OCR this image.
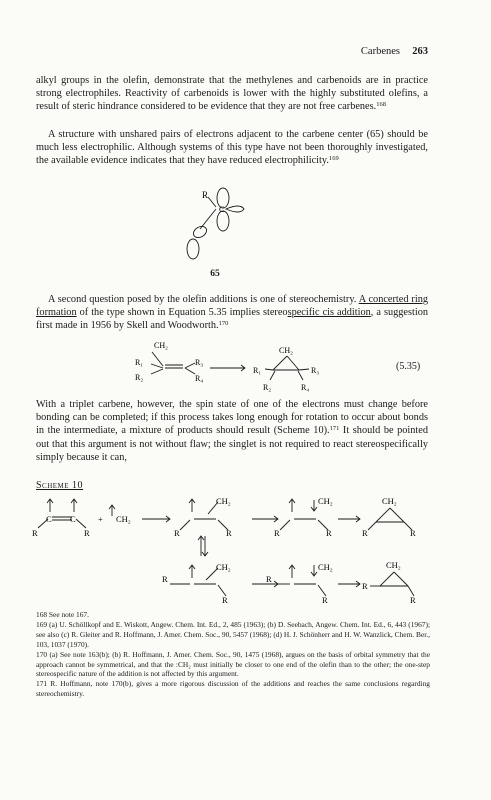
Carbenes 263

alkyl groups in the olefin, demonstrate that the methylenes and carbenoids are in practice strong electrophiles. Reactivity of carbenoids is lower with the highly substituted olefins, a result of steric hindrance considered to be evidence that they are not free carbenes.$^{168}$

A structure with unshared pairs of electrons adjacent to the carbene center (65) should be much less electrophilic. Although systems of this type have not been thoroughly investigated, the available evidence indicates that they have reduced electrophilicity.$^{169}$

R
C
65

A second question posed by the olefin additions is one of stereochemistry. A concerted ring formation of the type shown in Equation 5.35 implies stereospecific cis addition, a suggestion first made in 1956 by Skell and Woodworth.$^{170}$

CH₂
R₁
R₂
R₃
R₄
CH₂
R₁
R₂
R₃
R₄
(5.35)

With a triplet carbene, however, the spin state of one of the electrons must change before bonding can be completed; if this process takes long enough for rotation to occur about bonds in the intermediate, a mixture of products should result (Scheme 10).$^{171}$ It should be pointed out that this argument is not without flaw; the singlet is not required to react stereospecifically simply because it can,

Scheme 10
R
C C
R
+ CH₂
CH₂
R	R
CH₂
R	R
CH₂
R	R
R
CH₂
R
R
CH₂
R
CH₂
R
R

168 See note 167.

169 (a) U. Schöllkopf and E. Wiskott, Angew. Chem. Int. Ed., 2, 485 (1963); (b) D. Seebach, Angew. Chem. Int. Ed., 6, 443 (1967); see also (c) R. Gleiter and R. Hoffmann, J. Amer. Chem. Soc., 90, 5457 (1968); (d) H. J. Schönherr and H. W. Wanzlick, Chem. Ber., 103, 1037 (1970).

170 (a) See note 163(b); (b) R. Hoffmann, J. Amer. Chem. Soc., 90, 1475 (1968), argues on the basis of orbital symmetry that the approach cannot be symmetrical, and that the :CH₂ must initially be closer to one end of the olefin than to the other; the one-step stereospecific nature of the addition is not affected by this argument.

171 R. Hoffmann, note 170(b), gives a more rigorous discussion of the additions and reaches the same conclusions regarding stereochemistry.
